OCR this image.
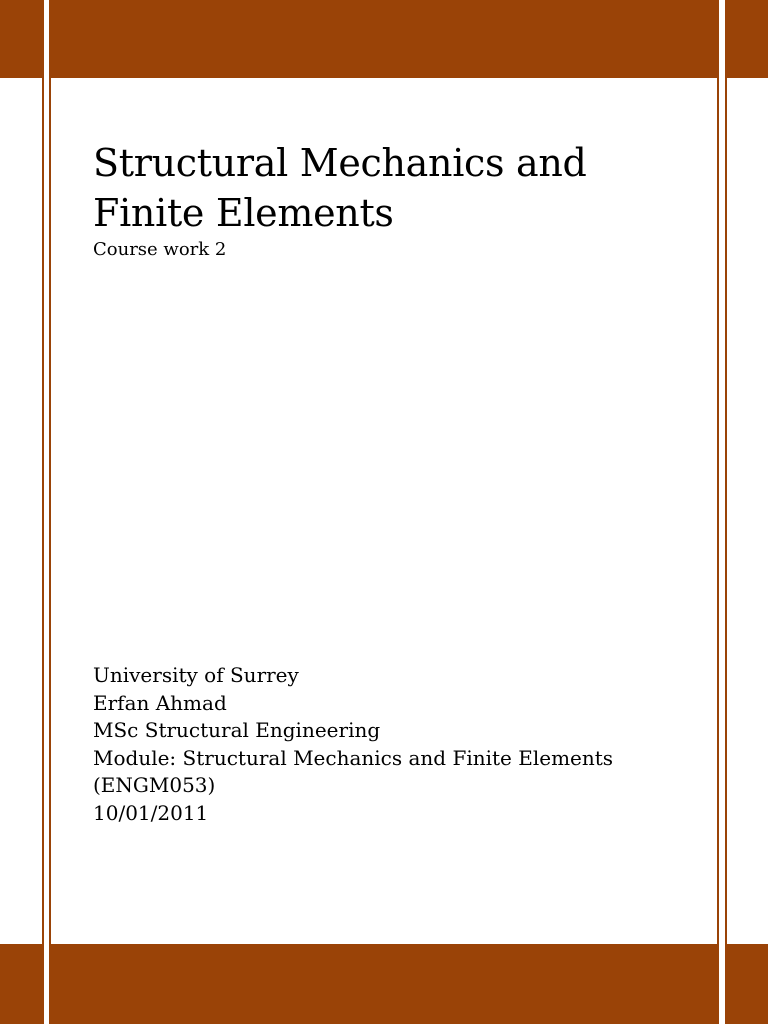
Structural Mechanics and
Finite Elements

Course work 2

University of Surrey
Erfan Ahmad
MSc Structural Engineering
Module: Structural Mechanics and Finite Elements
(ENGM053)
10/01/2011
